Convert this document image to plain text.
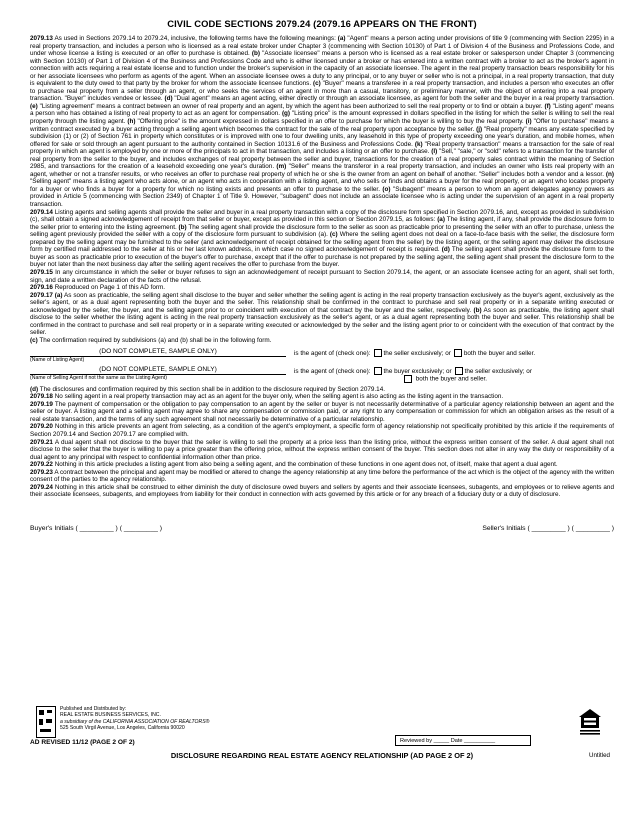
CIVIL CODE SECTIONS 2079.24 (2079.16 APPEARS ON THE FRONT)

2079.13 As used in Sections 2079.14 to 2079.24, inclusive, the following terms have the following meanings: (a) "Agent" means a person acting under provisions of title 9 (commencing with Section 2295) in a real property transaction, and includes a person who is licensed as a real estate broker under Chapter 3 (commencing with Section 10130) of Part 1 of Division 4 of the Business and Professions Code, and under whose license a listing is executed or an offer to purchase is obtained. (b) "Associate licensee" means a person who is licensed as a real estate broker or salesperson under Chapter 3 (commencing with Section 10130) of Part 1 of Division 4 of the Business and Professions Code and who is either licensed under a broker or has entered into a written contract with a broker to act as the broker's agent in connection with acts requiring a real estate license and to function under the broker's supervision in the capacity of an associate licensee. The agent in the real property transaction bears responsibility for his or her associate licensees who perform as agents of the agent. When an associate licensee owes a duty to any principal, or to any buyer or seller who is not a principal, in a real property transaction, that duty is equivalent to the duty owed to that party by the broker for whom the associate licensee functions. (c) "Buyer" means a transferee in a real property transaction, and includes a person who executes an offer to purchase real property from a seller through an agent, or who seeks the services of an agent in more than a casual, transitory, or preliminary manner, with the object of entering into a real property transaction. "Buyer" includes vendee or lessee. (d) "Dual agent" means an agent acting, either directly or through an associate licensee, as agent for both the seller and the buyer in a real property transaction. (e) "Listing agreement" means a contract between an owner of real property and an agent, by which the agent has been authorized to sell the real property or to find or obtain a buyer. (f) "Listing agent" means a person who has obtained a listing of real property to act as an agent for compensation. (g) "Listing price" is the amount expressed in dollars specified in the listing for which the seller is willing to sell the real property through the listing agent. (h) "Offering price" is the amount expressed in dollars specified in an offer to purchase for which the buyer is willing to buy the real property. (i) "Offer to purchase" means a written contract executed by a buyer acting through a selling agent which becomes the contract for the sale of the real property upon acceptance by the seller. (j) "Real property" means any estate specified by subdivision (1) or (2) of Section 761 in property which constitutes or is improved with one to four dwelling units, any leasehold in this type of property exceeding one year's duration, and mobile homes, when offered for sale or sold through an agent pursuant to the authority contained in Section 10131.6 of the Business and Professions Code. (k) "Real property transaction" means a transaction for the sale of real property in which an agent is employed by one or more of the principals to act in that transaction, and includes a listing or an offer to purchase. (l) "Sell," "sale," or "sold" refers to a transaction for the transfer of real property from the seller to the buyer, and includes exchanges of real property between the seller and buyer, transactions for the creation of a real property sales contract within the meaning of Section 2985, and transactions for the creation of a leasehold exceeding one year's duration. (m) "Seller" means the transferor in a real property transaction, and includes an owner who lists real property with an agent, whether or not a transfer results, or who receives an offer to purchase real property of which he or she is the owner from an agent on behalf of another. "Seller" includes both a vendor and a lessor. (n) "Selling agent" means a listing agent who acts alone, or an agent who acts in cooperation with a listing agent, and who sells or finds and obtains a buyer for the real property, or an agent who locates property for a buyer or who finds a buyer for a property for which no listing exists and presents an offer to purchase to the seller. (o) "Subagent" means a person to whom an agent delegates agency powers as provided in Article 5 (commencing with Section 2349) of Chapter 1 of Title 9. However, "subagent" does not include an associate licensee who is acting under the supervision of an agent in a real property transaction.

2079.14 Listing agents and selling agents shall provide the seller and buyer in a real property transaction with a copy of the disclosure form specified in Section 2079.16, and, except as provided in subdivision (c), shall obtain a signed acknowledgement of receipt from that seller or buyer, except as provided in this section or Section 2079.15, as follows: (a) The listing agent, if any, shall provide the disclosure form to the seller prior to entering into the listing agreement. (b) The selling agent shall provide the disclosure form to the seller as soon as practicable prior to presenting the seller with an offer to purchase, unless the selling agent previously provided the seller with a copy of the disclosure form pursuant to subdivision (a). (c) Where the selling agent does not deal on a face-to-face basis with the seller, the disclosure form prepared by the selling agent may be furnished to the seller (and acknowledgement of receipt obtained for the selling agent from the seller) by the listing agent, or the selling agent may deliver the disclosure form by certified mail addressed to the seller at his or her last known address, in which case no signed acknowledgement of receipt is required. (d) The selling agent shall provide the disclosure form to the buyer as soon as practicable prior to execution of the buyer's offer to purchase, except that if the offer to purchase is not prepared by the selling agent, the selling agent shall present the disclosure form to the buyer not later than the next business day after the selling agent receives the offer to purchase from the buyer.

2079.15 In any circumstance in which the seller or buyer refuses to sign an acknowledgement of receipt pursuant to Section 2079.14, the agent, or an associate licensee acting for an agent, shall set forth, sign, and date a written declaration of the facts of the refusal.

2079.16 Reproduced on Page 1 of this AD form.

2079.17 (a) As soon as practicable, the selling agent shall disclose to the buyer and seller whether the selling agent is acting in the real property transaction exclusively as the buyer's agent, exclusively as the seller's agent, or as a dual agent representing both the buyer and the seller. This relationship shall be confirmed in the contract to purchase and sell real property or in a separate writing executed or acknowledged by the seller, the buyer, and the selling agent prior to or coincident with execution of that contract by the buyer and the seller, respectively. (b) As soon as practicable, the listing agent shall disclose to the seller whether the listing agent is acting in the real property transaction exclusively as the seller's agent, or as a dual agent representing both the buyer and seller. This relationship shall be confirmed in the contract to purchase and sell real property or in a separate writing executed or acknowledged by the seller and the listing agent prior to or coincident with the execution of that contract by the seller.

(c) The confirmation required by subdivisions (a) and (b) shall be in the following form.

(DO NOT COMPLETE, SAMPLE ONLY)	is the agent of (check one): the seller exclusively; or both the buyer and seller.
(Name of Listing Agent)
(DO NOT COMPLETE, SAMPLE ONLY)	is the agent of (check one): the buyer exclusively; or the seller exclusively; or
(Name of Selling Agent if not the same as the Listing Agent)	both the buyer and seller.

(d) The disclosures and confirmation required by this section shall be in addition to the disclosure required by Section 2079.14.

2079.18 No selling agent in a real property transaction may act as an agent for the buyer only, when the selling agent is also acting as the listing agent in the transaction.

2079.19 The payment of compensation or the obligation to pay compensation to an agent by the seller or buyer is not necessarily determinative of a particular agency relationship between an agent and the seller or buyer. A listing agent and a selling agent may agree to share any compensation or commission paid, or any right to any compensation or commission for which an obligation arises as the result of a real estate transaction, and the terms of any such agreement shall not necessarily be determinative of a particular relationship.

2079.20 Nothing in this article prevents an agent from selecting, as a condition of the agent's employment, a specific form of agency relationship not specifically prohibited by this article if the requirements of Section 2079.14 and Section 2079.17 are complied with.

2079.21 A dual agent shall not disclose to the buyer that the seller is willing to sell the property at a price less than the listing price, without the express written consent of the seller. A dual agent shall not disclose to the seller that the buyer is willing to pay a price greater than the offering price, without the express written consent of the buyer. This section does not alter in any way the duty or responsibility of a dual agent to any principal with respect to confidential information other than price.

2079.22 Nothing in this article precludes a listing agent from also being a selling agent, and the combination of these functions in one agent does not, of itself, make that agent a dual agent.

2079.23 A contract between the principal and agent may be modified or altered to change the agency relationship at any time before the performance of the act which is the object of the agency with the written consent of the parties to the agency relationship.

2079.24 Nothing in this article shall be construed to either diminish the duty of disclosure owed buyers and sellers by agents and their associate licensees, subagents, and employees or to relieve agents and their associate licensees, subagents, and employees from liability for their conduct in connection with acts governed by this article or for any breach of a fiduciary duty or a duty of disclosure.

Buyer's Initials ( _________ ) ( _________ )	Seller's Initials ( _________ ) ( _________ )
Published and Distributed by:
REAL ESTATE BUSINESS SERVICES, INC.
a subsidiary of the CALIFORNIA ASSOCIATION OF REALTORS®
525 South Virgil Avenue, Los Angeles, California 90020
AD REVISED 11/12 (PAGE 2 OF 2)	Reviewed by _____ Date __________
DISCLOSURE REGARDING REAL ESTATE AGENCY RELATIONSHIP (AD PAGE 2 OF 2)	Untitled
